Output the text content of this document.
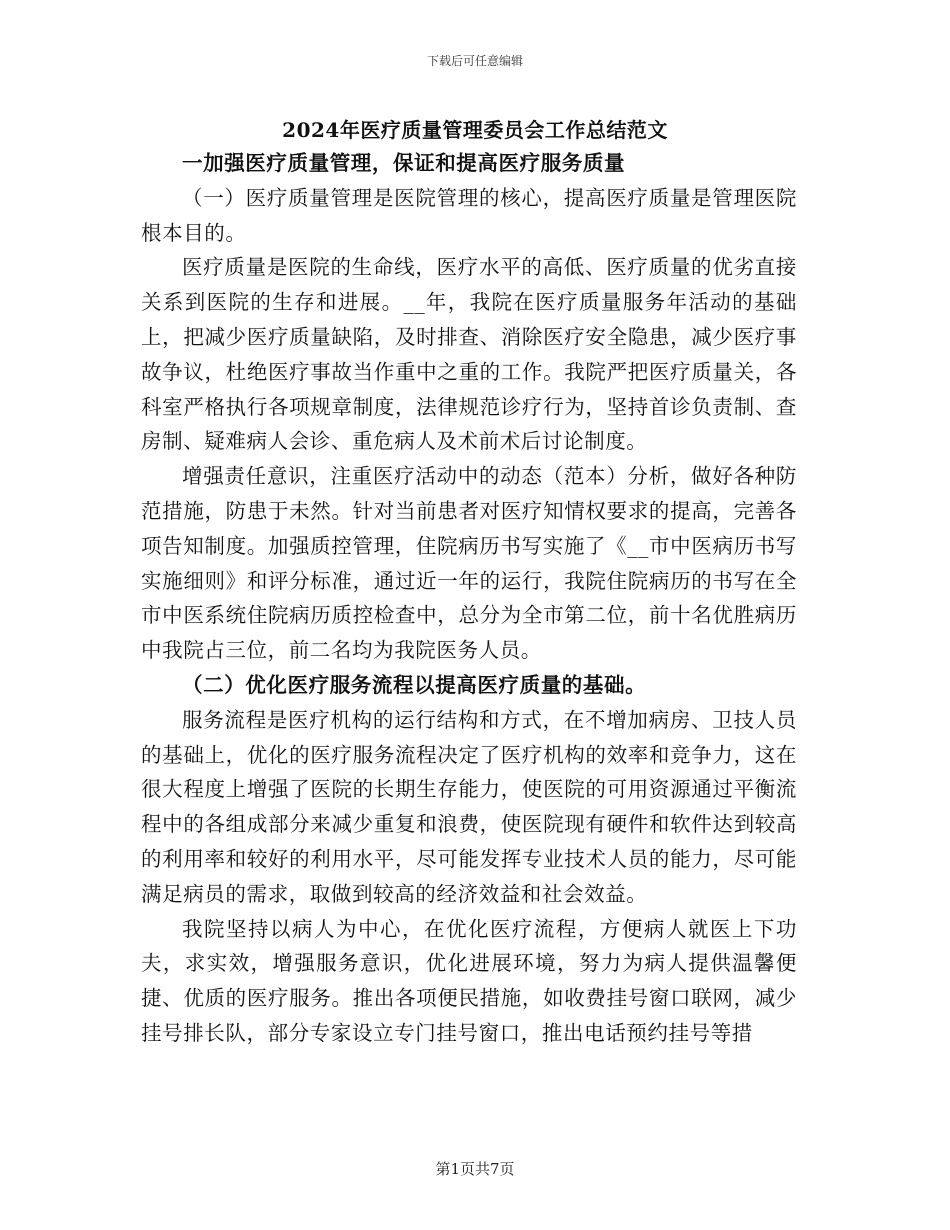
下载后可任意编辑
2024年医疗质量管理委员会工作总结范文

一加强医疗质量管理，保证和提高医疗服务质量

（一）医疗质量管理是医院管理的核心，提高医疗质量是管理医院根本目的。

医疗质量是医院的生命线，医疗水平的高低、医疗质量的优劣直接关系到医院的生存和进展。__年，我院在医疗质量服务年活动的基础上，把减少医疗质量缺陷，及时排查、消除医疗安全隐患，减少医疗事故争议，杜绝医疗事故当作重中之重的工作。我院严把医疗质量关，各科室严格执行各项规章制度，法律规范诊疗行为，坚持首诊负责制、查房制、疑难病人会诊、重危病人及术前术后讨论制度。

增强责任意识，注重医疗活动中的动态（范本）分析，做好各种防范措施，防患于未然。针对当前患者对医疗知情权要求的提高，完善各项告知制度。加强质控管理，住院病历书写实施了《__市中医病历书写实施细则》和评分标准，通过近一年的运行，我院住院病历的书写在全市中医系统住院病历质控检查中，总分为全市第二位，前十名优胜病历中我院占三位，前二名均为我院医务人员。

（二）优化医疗服务流程以提高医疗质量的基础。

服务流程是医疗机构的运行结构和方式，在不增加病房、卫技人员的基础上，优化的医疗服务流程决定了医疗机构的效率和竞争力，这在很大程度上增强了医院的长期生存能力，使医院的可用资源通过平衡流程中的各组成部分来减少重复和浪费，使医院现有硬件和软件达到较高的利用率和较好的利用水平，尽可能发挥专业技术人员的能力，尽可能满足病员的需求，取做到较高的经济效益和社会效益。

我院坚持以病人为中心，在优化医疗流程，方便病人就医上下功夫，求实效，增强服务意识，优化进展环境，努力为病人提供温馨便捷、优质的医疗服务。推出各项便民措施，如收费挂号窗口联网，减少挂号排长队，部分专家设立专门挂号窗口，推出电话预约挂号等措

第1页共7页
